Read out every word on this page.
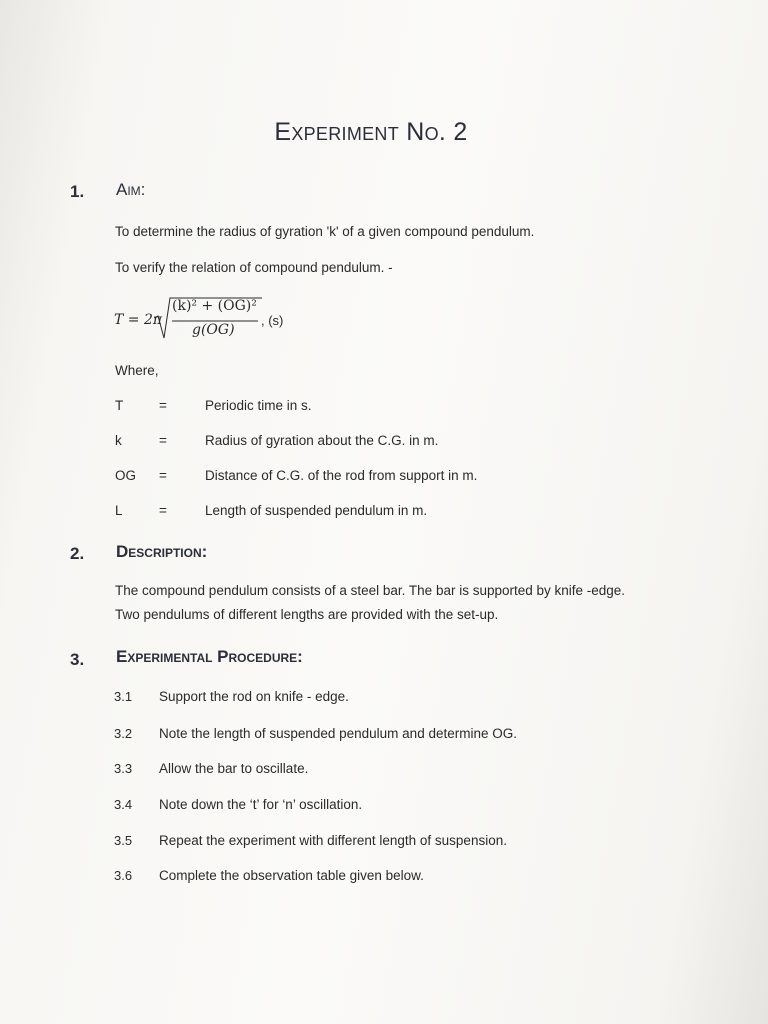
Experiment No. 2
1. Aim:
To determine the radius of gyration 'k' of a given compound pendulum.
To verify the relation of compound pendulum. -
T = 2π
(k)² + (OG)²
g(OG)
, (s)
Where,
T	=	Periodic time in s.
k	=	Radius of gyration about the C.G. in m.
OG =	Distance of C.G. of the rod from support in m.
L	=	Length of suspended pendulum in m.
2. Description:
The compound pendulum consists of a steel bar. The bar is supported by knife -edge.
Two pendulums of different lengths are provided with the set-up.
3. Experimental Procedure:
3.1 Support the rod on knife - edge.
3.2 Note the length of suspended pendulum and determine OG.
3.3 Allow the bar to oscillate.
3.4 Note down the ‘t’ for ‘n’ oscillation.
3.5 Repeat the experiment with different length of suspension.
3.6 Complete the observation table given below.
